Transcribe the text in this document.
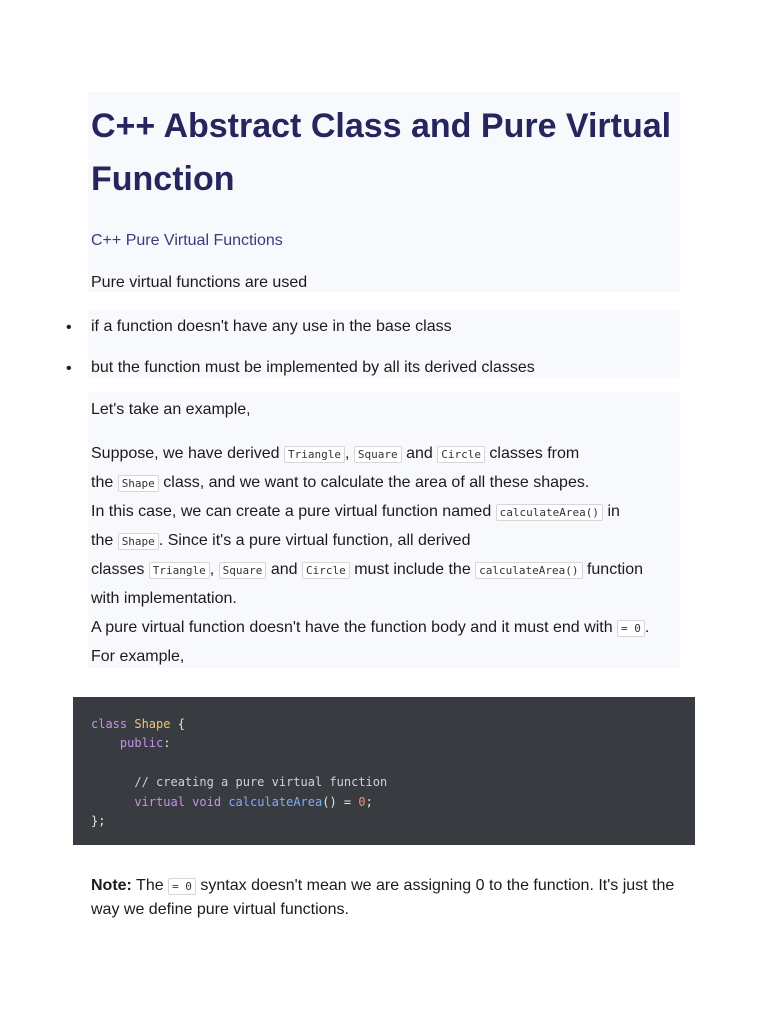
C++ Abstract Class and Pure Virtual Function
C++ Pure Virtual Functions
Pure virtual functions are used
• if a function doesn't have any use in the base class
• but the function must be implemented by all its derived classes
Let's take an example,
Suppose, we have derived Triangle , Square and Circle classes from
the Shape class, and we want to calculate the area of all these shapes.
In this case, we can create a pure virtual function named calculateArea() in
the Shape . Since it's a pure virtual function, all derived
classes Triangle , Square and Circle must include the calculateArea() function
with implementation.
A pure virtual function doesn't have the function body and it must end with = 0 .
For example,
class Shape {
public:

// creating a pure virtual function
virtual void calculateArea() = 0;
};
Note: The = 0 syntax doesn't mean we are assigning 0 to the function. It's just the way we define pure virtual functions.
